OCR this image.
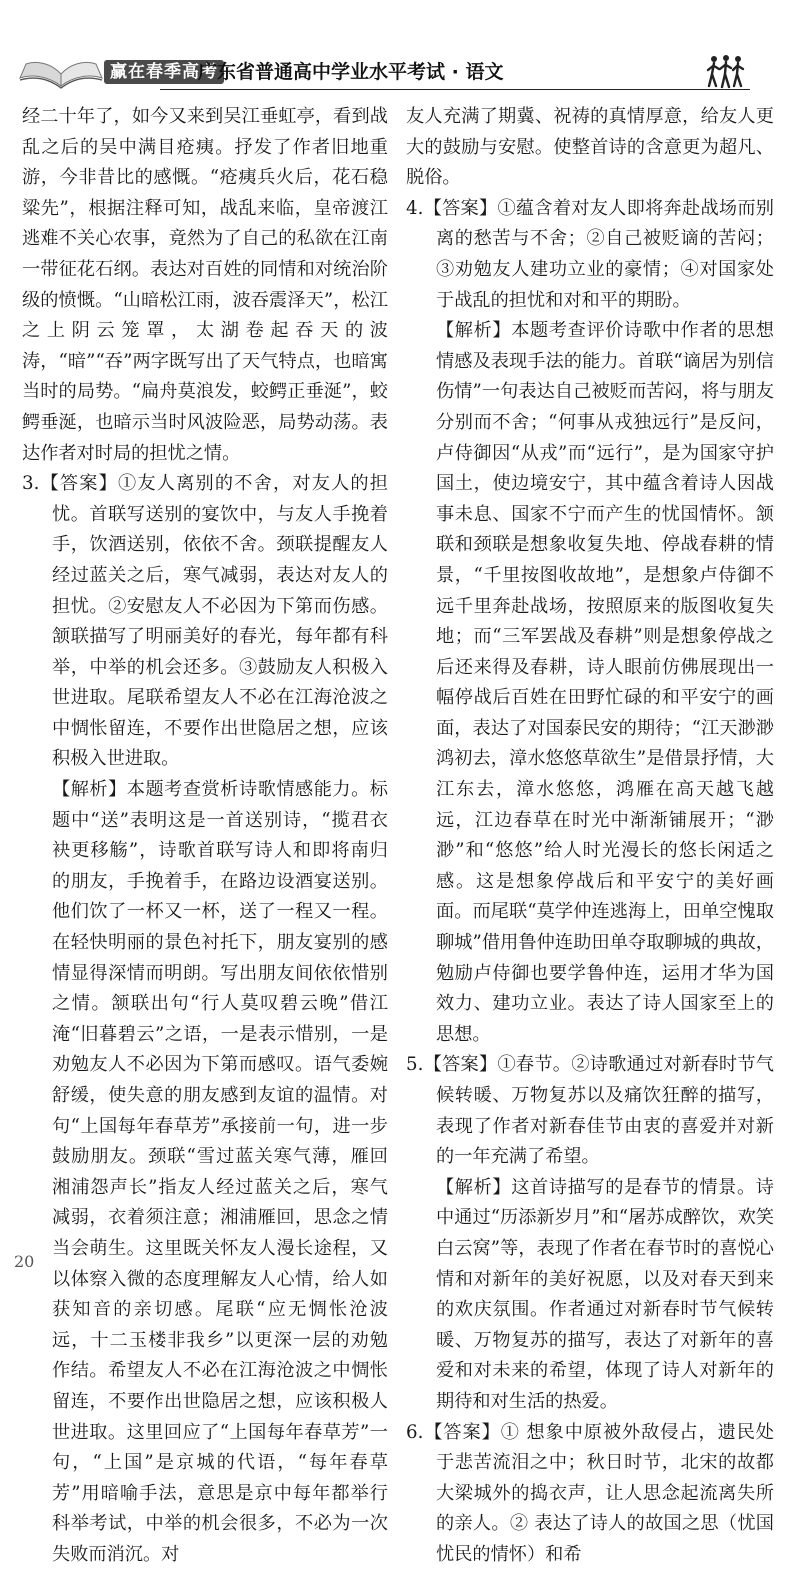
赢在春季高考
广东省普通高中学业水平考试 · 语文

经二十年了，如今又来到吴江垂虹亭，看到战乱之后的吴中满目疮痍。抒发了作者旧地重游，今非昔比的感慨。“疮痍兵火后，花石稳粱先”，根据注释可知，战乱来临，皇帝渡江逃难不关心农事，竟然为了自己的私欲在江南一带征花石纲。表达对百姓的同情和对统治阶级的愤慨。“山暗松江雨，波吞震泽天”，松江之上阴云笼罩，太湖卷起吞天的波涛，“暗”“吞”两字既写出了天气特点，也暗寓当时的局势。“扁舟莫浪发，蛟鳄正垂涎”，蛟鳄垂涎，也暗示当时风波险恶，局势动荡。表达作者对时局的担忧之情。

3.【答案】①友人离别的不舍，对友人的担忧。首联写送别的宴饮中，与友人手挽着手，饮酒送别，依依不舍。颈联提醒友人经过蓝关之后，寒气减弱，表达对友人的担忧。②安慰友人不必因为下第而伤感。颔联描写了明丽美好的春光，每年都有科举，中举的机会还多。③鼓励友人积极入世进取。尾联希望友人不必在江海沧波之中惆怅留连，不要作出世隐居之想，应该积极入世进取。

【解析】本题考查赏析诗歌情感能力。标题中“送”表明这是一首送别诗，“揽君衣袂更移觞”，诗歌首联写诗人和即将南归的朋友，手挽着手，在路边设酒宴送别。他们饮了一杯又一杯，送了一程又一程。在轻快明丽的景色衬托下，朋友宴别的感情显得深情而明朗。写出朋友间依依惜别之情。颔联出句“行人莫叹碧云晚”借江淹“旧暮碧云”之语，一是表示惜别，一是劝勉友人不必因为下第而感叹。语气委婉舒缓，使失意的朋友感到友谊的温情。对句“上国每年春草芳”承接前一句，进一步鼓励朋友。颈联“雪过蓝关寒气薄，雁回湘浦怨声长”指友人经过蓝关之后，寒气减弱，衣着须注意；湘浦雁回，思念之情当会萌生。这里既关怀友人漫长途程，又以体察入微的态度理解友人心情，给人如获知音的亲切感。尾联“应无惆怅沧波远，十二玉楼非我乡”以更深一层的劝勉作结。希望友人不必在江海沧波之中惆怅留连，不要作出世隐居之想，应该积极人世进取。这里回应了“上国每年春草芳”一句，“上国”是京城的代语，“每年春草芳”用暗喻手法，意思是京中每年都举行科举考试，中举的机会很多，不必为一次失败而消沉。对

友人充满了期冀、祝祷的真情厚意，给友人更大的鼓励与安慰。使整首诗的含意更为超凡、脱俗。

4.【答案】①蕴含着对友人即将奔赴战场而别离的愁苦与不舍；②自己被贬谪的苦闷；③劝勉友人建功立业的豪情；④对国家处于战乱的担忧和对和平的期盼。

【解析】本题考查评价诗歌中作者的思想情感及表现手法的能力。首联“谪居为别信伤情”一句表达自己被贬而苦闷，将与朋友分别而不舍；“何事从戎独远行”是反问，卢侍御因“从戎”而“远行”，是为国家守护国土，使边境安宁，其中蕴含着诗人因战事未息、国家不宁而产生的忧国情怀。颔联和颈联是想象收复失地、停战春耕的情景，“千里按图收故地”，是想象卢侍御不远千里奔赴战场，按照原来的版图收复失地；而“三军罢战及春耕”则是想象停战之后还来得及春耕，诗人眼前仿佛展现出一幅停战后百姓在田野忙碌的和平安宁的画面，表达了对国泰民安的期待；“江天渺渺鸿初去，漳水悠悠草欲生”是借景抒情，大江东去，漳水悠悠，鸿雁在高天越飞越远，江边春草在时光中渐渐铺展开；“渺渺”和“悠悠”给人时光漫长的悠长闲适之感。这是想象停战后和平安宁的美好画面。而尾联“莫学仲连逃海上，田单空愧取聊城”借用鲁仲连助田单夺取聊城的典故，勉励卢侍御也要学鲁仲连，运用才华为国效力、建功立业。表达了诗人国家至上的思想。

5.【答案】①春节。②诗歌通过对新春时节气候转暖、万物复苏以及痛饮狂醉的描写，表现了作者对新春佳节由衷的喜爱并对新的一年充满了希望。

【解析】这首诗描写的是春节的情景。诗中通过“历添新岁月”和“屠苏成醉饮，欢笑白云窝”等，表现了作者在春节时的喜悦心情和对新年的美好祝愿，以及对春天到来的欢庆氛围。作者通过对新春时节气候转暖、万物复苏的描写，表达了对新年的喜爱和对未来的希望，体现了诗人对新年的期待和对生活的热爱。

6.【答案】① 想象中原被外敌侵占，遗民处于悲苦流泪之中；秋日时节，北宋的故都大梁城外的捣衣声，让人思念起流离失所的亲人。② 表达了诗人的故国之思（忧国忧民的情怀）和希

20
